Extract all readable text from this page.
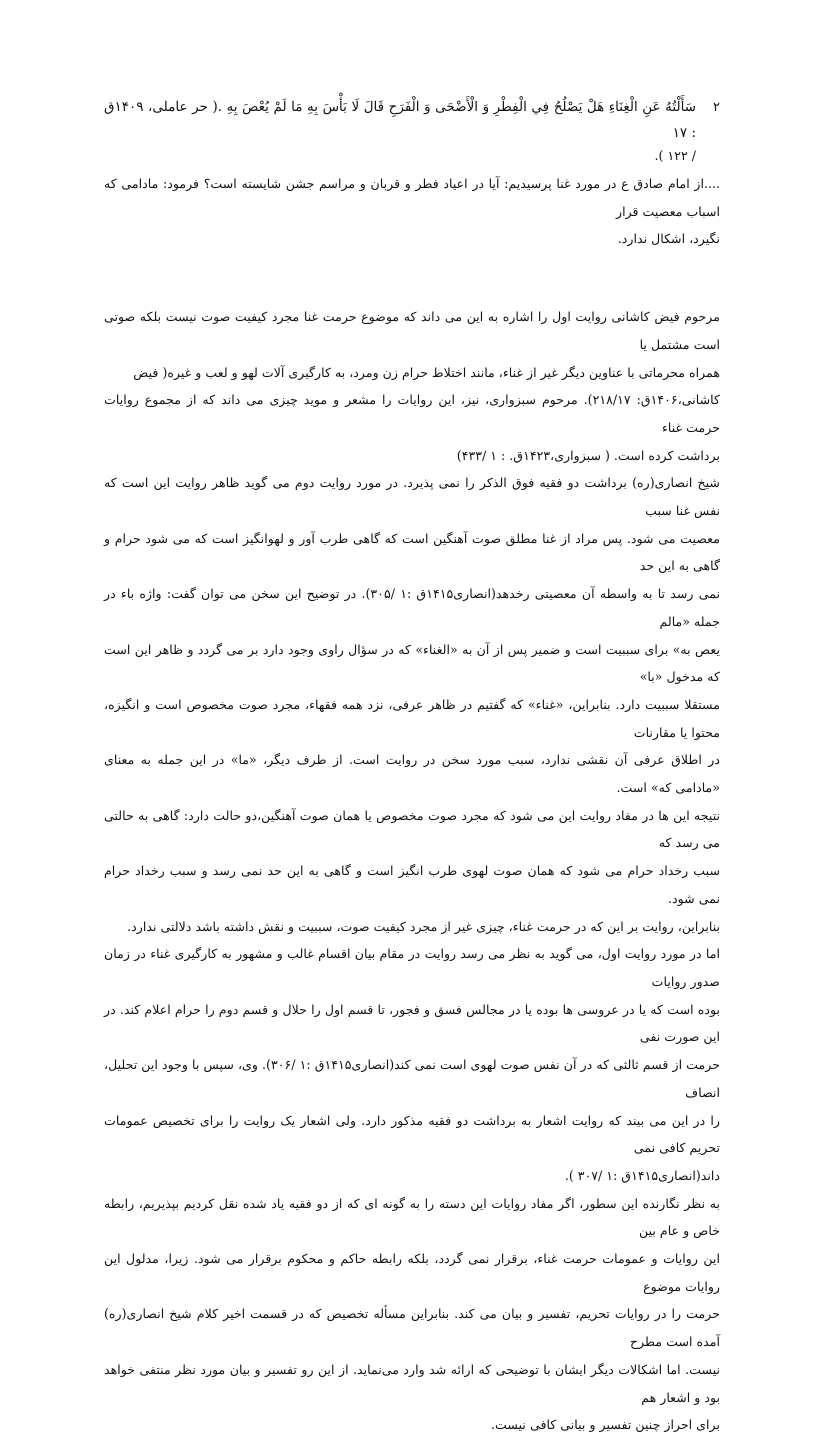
۲
سَأَلْتُهُ عَنِ الْغِنَاءِ هَلْ يَصْلُحُ فِي الْفِطْرِ وَ الْأَضْحَى وَ الْفَرَحِ قَالَ لَا بَأْسَ بِهِ مَا لَمْ يُعْصَ بِهِ .( حر عاملی، ۱۴۰۹ق : ۱۷
/ ۱۲۲ ).

....از امام صادق ع در مورد غنا پرسیدیم: آیا در اعیاد فطر و قربان و مراسم جشن شایسته است؟ فرمود: مادامی که اسباب معصیت قرار
نگیرد، اشکال ندارد.

مرحوم فیض کاشانی روایت اول را اشاره به این می داند که موضوع حرمت غنا مجرد کیفیت صوت نیست بلکه صوتی است مشتمل یا
همراه محرماتی با عناوین دیگر غیر از غناء، مانند اختلاط حرام زن ومرد، به کارگیری آلات لهو و لعب و غیره( فیض
کاشانی،۱۴۰۶ق: ۲۱۸/۱۷). مرحوم سبزواری، نیز، این روایات را مشعر و موید چیزی می داند که از مجموع روایات حرمت غناء
برداشت کرده است. ( سبزواری،۱۴۲۳ق. : ۱ /۴۳۳)

شیخ انصاری(ره) برداشت دو فقیه فوق الذکر را نمی پذیرد. در مورد روایت دوم می گوید ظاهر روایت این است که نفس غنا سبب
معصیت می شود. پس مراد از غنا مطلق صوت آهنگین است که گاهی طرب آور و لهوانگیز است که می شود حرام و گاهی به این حد
نمی رسد تا به واسطه آن معصیتی رخدهد(انصاری۱۴۱۵ق :۱ /۳۰۵). در توضیح این سخن می توان گفت: واژه باء در جمله «مالم
یعص به» برای سببیت است و ضمیر پس از آن به «الغناء» که در سؤال راوی وجود دارد بر می گردد و ظاهر این است که مدخول «با»
مستقلا سببیت دارد. بنابراین، «غناء» که گفتیم در ظاهر عرفی، نزد همه فقهاء، مجرد صوت مخصوص است و انگیزه، محتوا یا مقارنات
در اطلاق عرفی آن نقشی ندارد، سبب مورد سخن در روایت است. از طرف دیگر، «ما» در این جمله به معنای «مادامی که» است.

نتیجه این ها در مفاد روایت این می شود که مجرد صوت مخصوص یا همان صوت آهنگین،دو حالت دارد: گاهی به حالتی می رسد که
سبب رخداد حرام می شود که همان صوت لهوی طرب انگیز است و گاهی به این حد نمی رسد و سبب رخداد حرام نمی شود.

بنابراین، روایت بر این که در حرمت غناء، چیزی غیر از مجرد کیفیت صوت، سببیت و نقش داشته باشد دلالتی ندارد.

اما در مورد روایت اول، می گوید به نظر می رسد روایت در مقام بیان اقسام غالب و مشهور به کارگیری غناء در زمان صدور روایات
بوده است که یا در عروسی ها بوده یا در مجالس فسق و فجور، تا قسم اول را حلال و قسم دوم را حرام اعلام کند. در این صورت نفی
حرمت از قسم ثالثی که در آن نفس صوت لهوی است نمی کند(انصاری۱۴۱۵ق :۱ /۳۰۶). وی، سپس با وجود این تحلیل، انصاف
را در این می بیند که روایت اشعار به برداشت دو فقیه مذکور دارد. ولی اشعار یک روایت را برای تخصیص عمومات تحریم کافی نمی
داند(انصاری۱۴۱۵ق :۱ /۳۰۷ ).

به نظر نگارنده این سطور، اگر مفاد روایات این دسته را به گونه ای که از دو فقیه یاد شده نقل کردیم بپذیریم، رابطه خاص و عام بین
این روایات و عمومات حرمت غناء، برقرار نمی گردد، بلکه رابطه حاکم و محکوم برقرار می شود. زیرا، مدلول این روایات موضوع
حرمت را در روایات تحریم، تفسیر و بیان می کند. بنابراین مسأله تخصیص که در قسمت اخیر کلام شیخ انصاری(ره) آمده است مطرح
نیست. اما اشکالات دیگر ایشان با توضیحی که ارائه شد وارد می‌نماید. از این رو تفسیر و بیان مورد نظر منتفی خواهد بود و اشعار هم
برای احراز چنین تفسیر و بیانی کافی نیست.
